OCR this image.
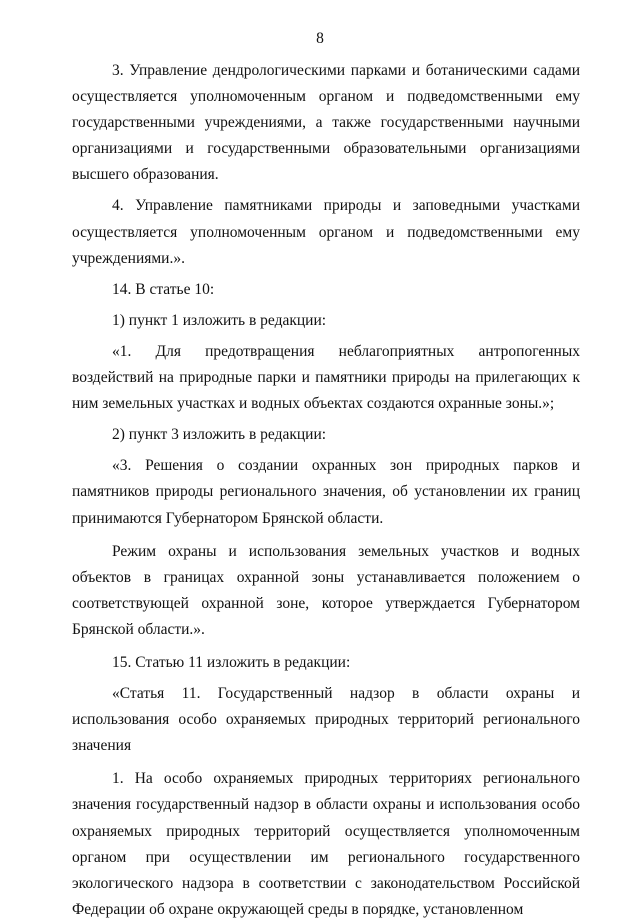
8

3. Управление дендрологическими парками и ботаническими садами осуществляется уполномоченным органом и подведомственными ему государственными учреждениями, а также государственными научными организациями и государственными образовательными организациями высшего образования.

4. Управление памятниками природы и заповедными участками осуществляется уполномоченным органом и подведомственными ему учреждениями.».

14. В статье 10:

1) пункт 1 изложить в редакции:

«1. Для предотвращения неблагоприятных антропогенных воздействий на природные парки и памятники природы на прилегающих к ним земельных участках и водных объектах создаются охранные зоны.»;

2) пункт 3 изложить в редакции:

«3. Решения о создании охранных зон природных парков и памятников природы регионального значения, об установлении их границ принимаются Губернатором Брянской области.

Режим охраны и использования земельных участков и водных объектов в границах охранной зоны устанавливается положением о соответствующей охранной зоне, которое утверждается Губернатором Брянской области.».

15. Статью 11 изложить в редакции:

«Статья 11. Государственный надзор в области охраны и использования особо охраняемых природных территорий регионального значения

1. На особо охраняемых природных территориях регионального значения государственный надзор в области охраны и использования особо охраняемых природных территорий осуществляется уполномоченным органом при осуществлении им регионального государственного экологического надзора в соответствии с законодательством Российской Федерации об охране окружающей среды в порядке, установленном
